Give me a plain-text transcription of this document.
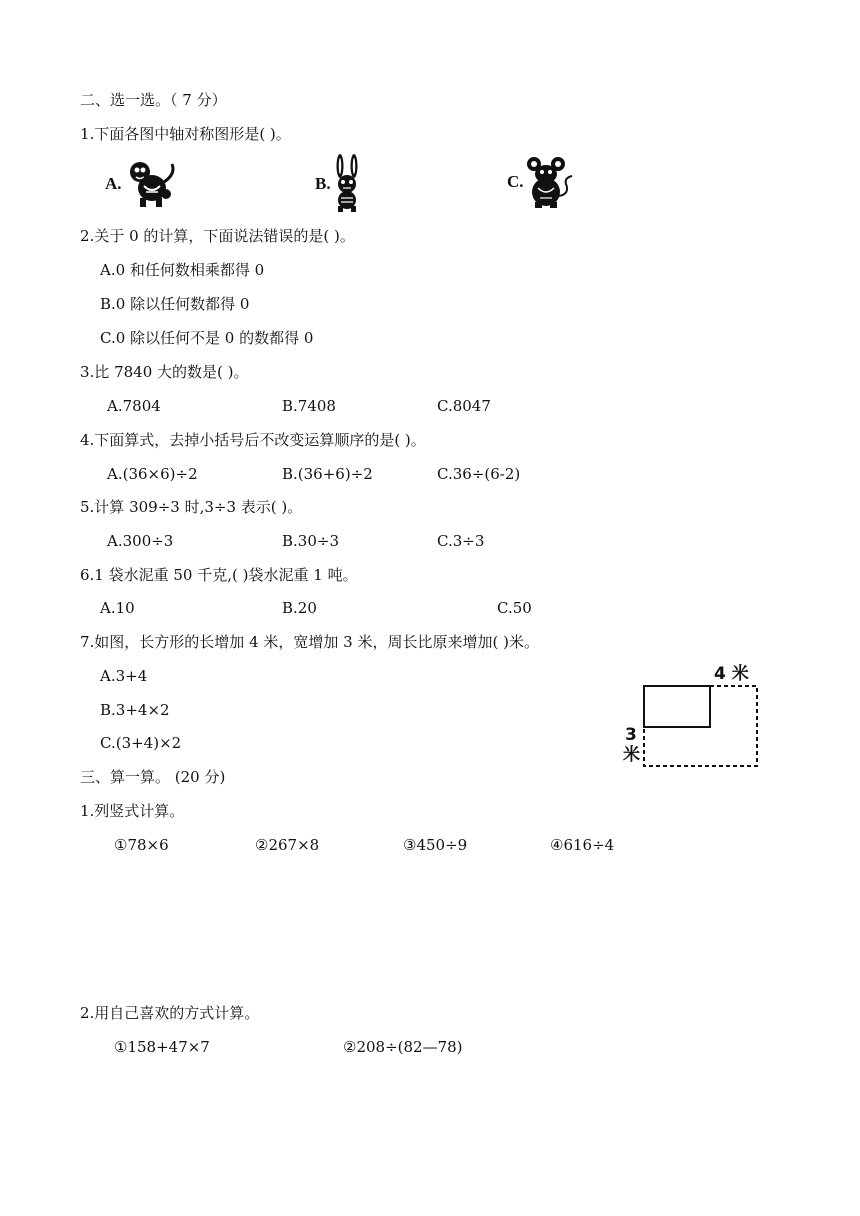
二、选一选。（ 7 分）
1.下面各图中轴对称图形是( )。
A.	B.	C.
2.关于 0 的计算，下面说法错误的是( )。
A.0 和任何数相乘都得 0
B.0 除以任何数都得 0
C.0 除以任何不是 0 的数都得 0
3.比 7840 大的数是( )。
A.7804	B.7408	C.8047
4.下面算式，去掉小括号后不改变运算顺序的是( )。
A.(36×6)÷2	B.(36+6)÷2	C.36÷(6-2)
5.计算 309÷3 时,3÷3 表示( )。
A.300÷3	B.30÷3	C.3÷3
6.1 袋水泥重 50 千克,( )袋水泥重 1 吨。
A.10	B.20	C.50
7.如图，长方形的长增加 4 米，宽增加 3 米，周长比原来增加( )米。
A.3+4
B.3+4×2
C.(3+4)×2
4 米
3
米
三、算一算。 (20 分)
1.列竖式计算。
①78×6	②267×8	③450÷9	④616÷4
2.用自己喜欢的方式计算。
①158+47×7	②208÷(82—78)
